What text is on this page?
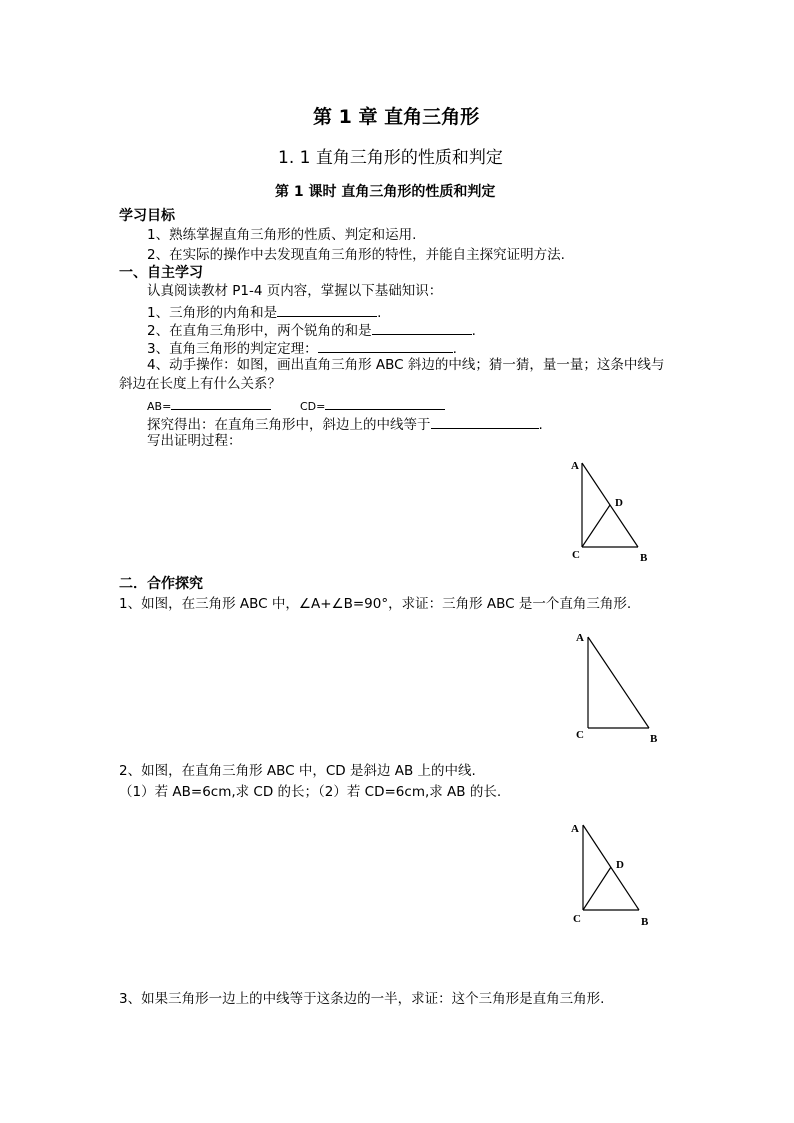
第 1 章 直角三角形
1. 1 直角三角形的性质和判定
第 1 课时 直角三角形的性质和判定
学习目标
1、熟练掌握直角三角形的性质、判定和运用.
2、在实际的操作中去发现直角三角形的特性，并能自主探究证明方法.
一、自主学习
认真阅读教材 P1-4 页内容，掌握以下基础知识：
1、三角形的内角和是	.
2、在直角三角形中，两个锐角的和是	.
3、直角三角形的判定定理：	.
4、动手操作：如图，画出直角三角形 ABC 斜边的中线；猜一猜，量一量；这条中线与
斜边在长度上有什么关系？
AB=	CD=
探究得出：在直角三角形中，斜边上的中线等于	.
写出证明过程：
A
D
C	B
二．合作探究
1、如图，在三角形 ABC 中，∠A+∠B=90°，求证：三角形 ABC 是一个直角三角形.
A
C	B
2、如图，在直角三角形 ABC 中，CD 是斜边 AB 上的中线.
（1）若 AB=6cm,求 CD 的长；（2）若 CD=6cm,求 AB 的长.
A
D
C	B
3、如果三角形一边上的中线等于这条边的一半，求证：这个三角形是直角三角形.
